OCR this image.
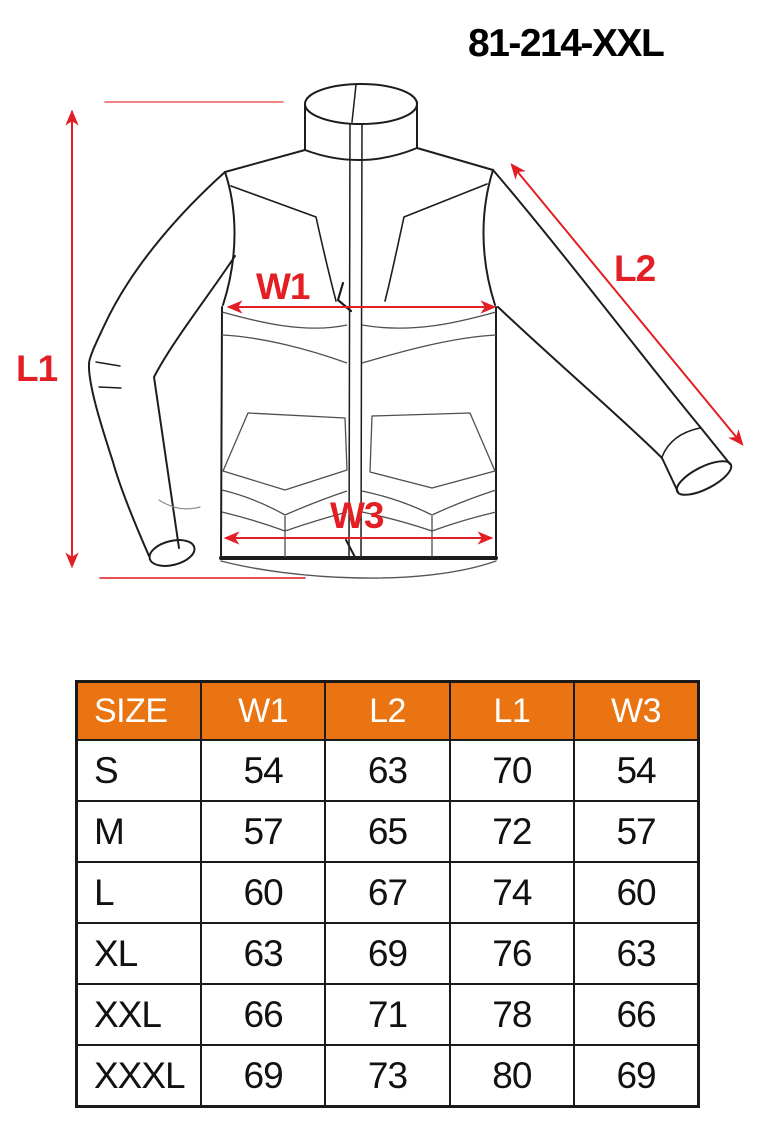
81-214-XXL
W1	L2
L1
W3
SIZE	W1	L2	L1	W3
S	54	63	70	54
M	57	65	72	57
L	60	67	74	60
XL	63	69	76	63
XXL	66	71	78	66
XXXL	69	73	80	69
